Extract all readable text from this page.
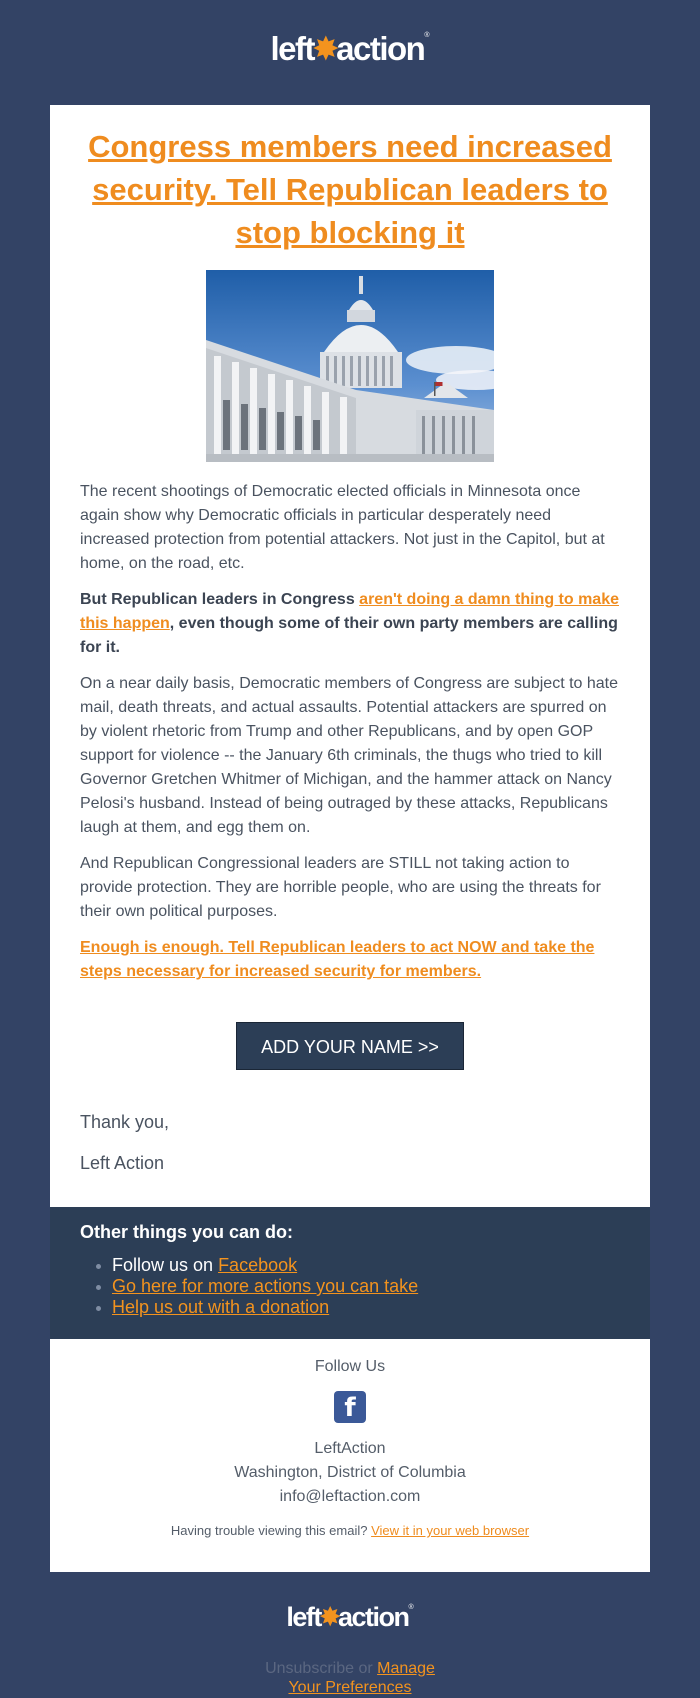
left✸action®
Congress members need increased security. Tell Republican leaders to stop blocking it

The recent shootings of Democratic elected officials in Minnesota once again show why Democratic officials in particular desperately need increased protection from potential attackers. Not just in the Capitol, but at home, on the road, etc.

But Republican leaders in Congress aren't doing a damn thing to make this happen, even though some of their own party members are calling for it.

On a near daily basis, Democratic members of Congress are subject to hate mail, death threats, and actual assaults. Potential attackers are spurred on by violent rhetoric from Trump and other Republicans, and by open GOP support for violence -- the January 6th criminals, the thugs who tried to kill Governor Gretchen Whitmer of Michigan, and the hammer attack on Nancy Pelosi's husband. Instead of being outraged by these attacks, Republicans laugh at them, and egg them on.

And Republican Congressional leaders are STILL not taking action to provide protection. They are horrible people, who are using the threats for their own political purposes.

Enough is enough. Tell Republican leaders to act NOW and take the steps necessary for increased security for members.

ADD YOUR NAME >>

Thank you,

Left Action

Other things you can do:
Follow us on Facebook
Go here for more actions you can take
Help us out with a donation
Follow Us
f
LeftAction
Washington, District of Columbia
info@leftaction.com
Having trouble viewing this email? View it in your web browser
left✸action®
Unsubscribe or Manage Your Preferences
